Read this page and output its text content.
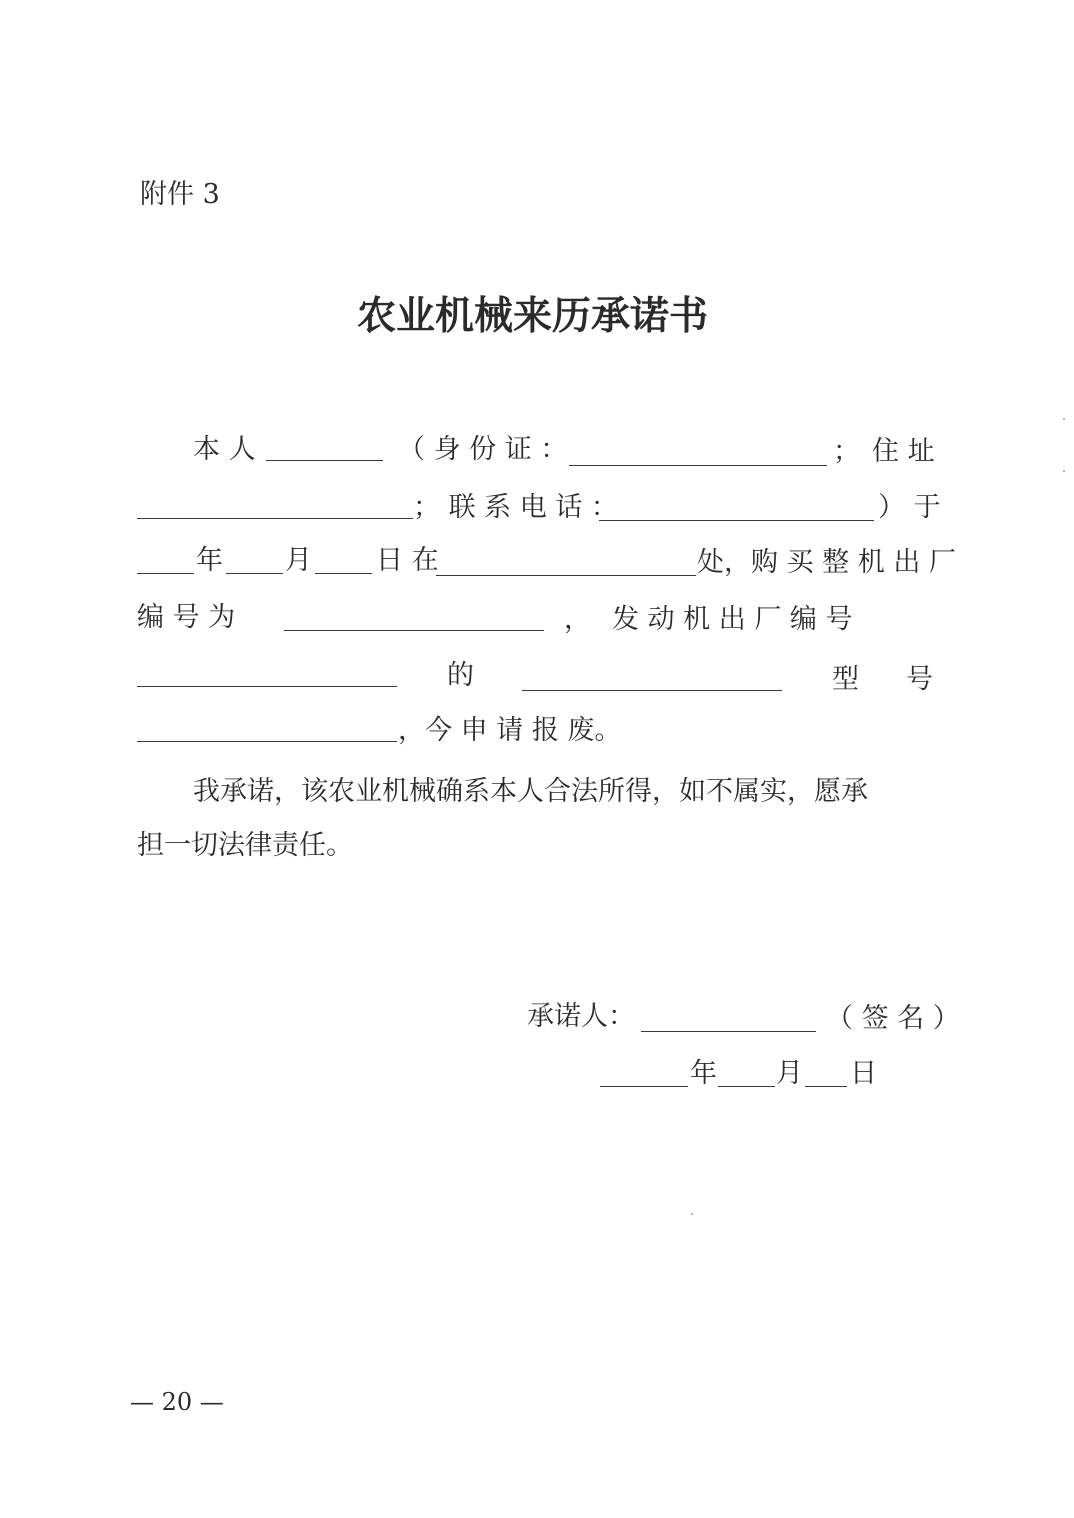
附件 3
农业机械来历承诺书
本 人	（ 身 份 证 ：	； 住 址
； 联 系 电 话 ：	） 于
年 月 日 在	处，购 买 整 机 出 厂
编 号 为	， 发 动 机 出 厂 编 号
的	型 号
，今 申 请 报 废。
我承诺，该农业机械确系本人合法所得，如不属实，愿承
担一切法律责任。
承诺人：	（ 签 名 ）
年 月 日
— 20 —
